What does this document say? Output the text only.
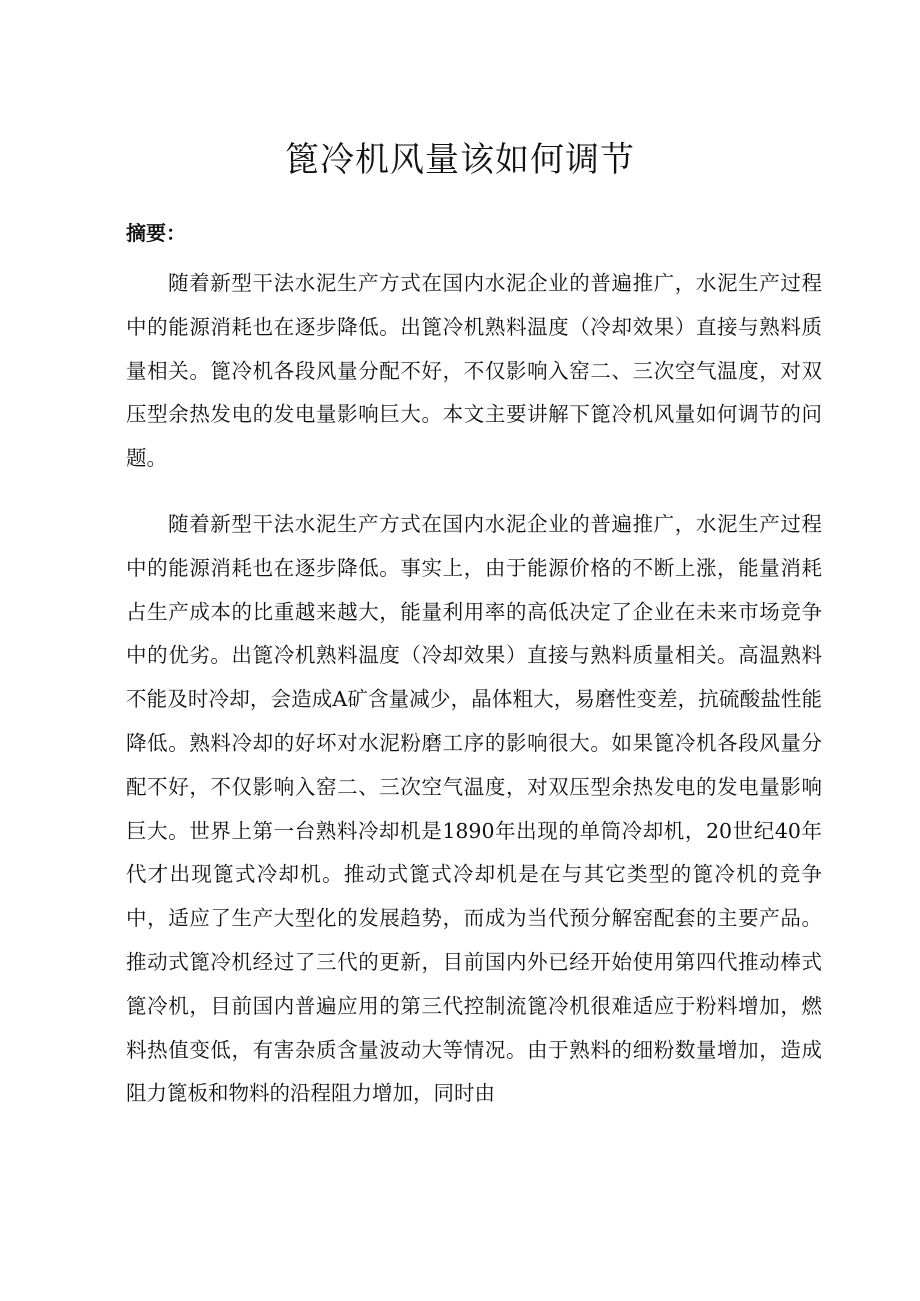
篦冷机风量该如何调节
摘要：

随着新型干法水泥生产方式在国内水泥企业的普遍推广，水泥生产过程中的能源消耗也在逐步降低。出篦冷机熟料温度（冷却效果）直接与熟料质量相关。篦冷机各段风量分配不好，不仅影响入窑二、三次空气温度，对双压型余热发电的发电量影响巨大。本文主要讲解下篦冷机风量如何调节的问题。

随着新型干法水泥生产方式在国内水泥企业的普遍推广，水泥生产过程中的能源消耗也在逐步降低。事实上，由于能源价格的不断上涨，能量消耗占生产成本的比重越来越大，能量利用率的高低决定了企业在未来市场竞争中的优劣。出篦冷机熟料温度（冷却效果）直接与熟料质量相关。高温熟料不能及时冷却，会造成A矿含量减少，晶体粗大，易磨性变差，抗硫酸盐性能降低。熟料冷却的好坏对水泥粉磨工序的影响很大。如果篦冷机各段风量分配不好，不仅影响入窑二、三次空气温度，对双压型余热发电的发电量影响巨大。世界上第一台熟料冷却机是1890年出现的单筒冷却机，20世纪40年代才出现篦式冷却机。推动式篦式冷却机是在与其它类型的篦冷机的竞争中，适应了生产大型化的发展趋势，而成为当代预分解窑配套的主要产品。推动式篦冷机经过了三代的更新，目前国内外已经开始使用第四代推动棒式篦冷机，目前国内普遍应用的第三代控制流篦冷机很难适应于粉料增加，燃料热值变低，有害杂质含量波动大等情况。由于熟料的细粉数量增加，造成阻力篦板和物料的沿程阻力增加，同时由
